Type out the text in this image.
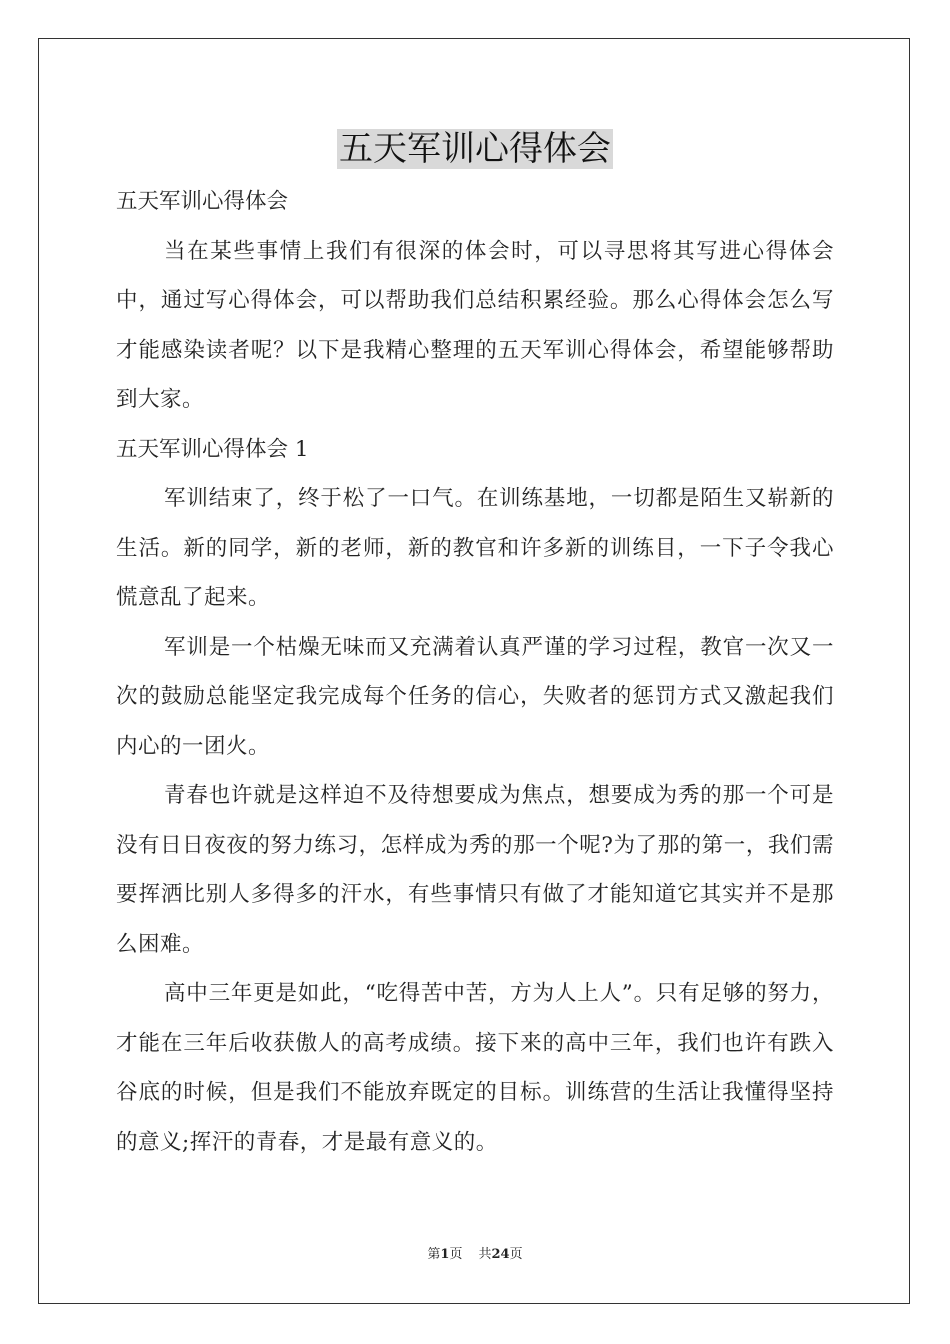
五天军训心得体会

五天军训心得体会

当在某些事情上我们有很深的体会时，可以寻思将其写进心得体会中，通过写心得体会，可以帮助我们总结积累经验。那么心得体会怎么写才能感染读者呢？以下是我精心整理的五天军训心得体会，希望能够帮助到大家。

五天军训心得体会 1

军训结束了，终于松了一口气。在训练基地，一切都是陌生又崭新的生活。新的同学，新的老师，新的教官和许多新的训练目，一下子令我心慌意乱了起来。

军训是一个枯燥无味而又充满着认真严谨的学习过程，教官一次又一次的鼓励总能坚定我完成每个任务的信心，失败者的惩罚方式又激起我们内心的一团火。

青春也许就是这样迫不及待想要成为焦点，想要成为秀的那一个可是没有日日夜夜的努力练习，怎样成为秀的那一个呢?为了那的第一，我们需要挥洒比别人多得多的汗水，有些事情只有做了才能知道它其实并不是那么困难。

高中三年更是如此，“吃得苦中苦，方为人上人”。只有足够的努力，才能在三年后收获傲人的高考成绩。接下来的高中三年，我们也许有跌入谷底的时候，但是我们不能放弃既定的目标。训练营的生活让我懂得坚持的意义;挥汗的青春，才是最有意义的。

第1页 共24页
